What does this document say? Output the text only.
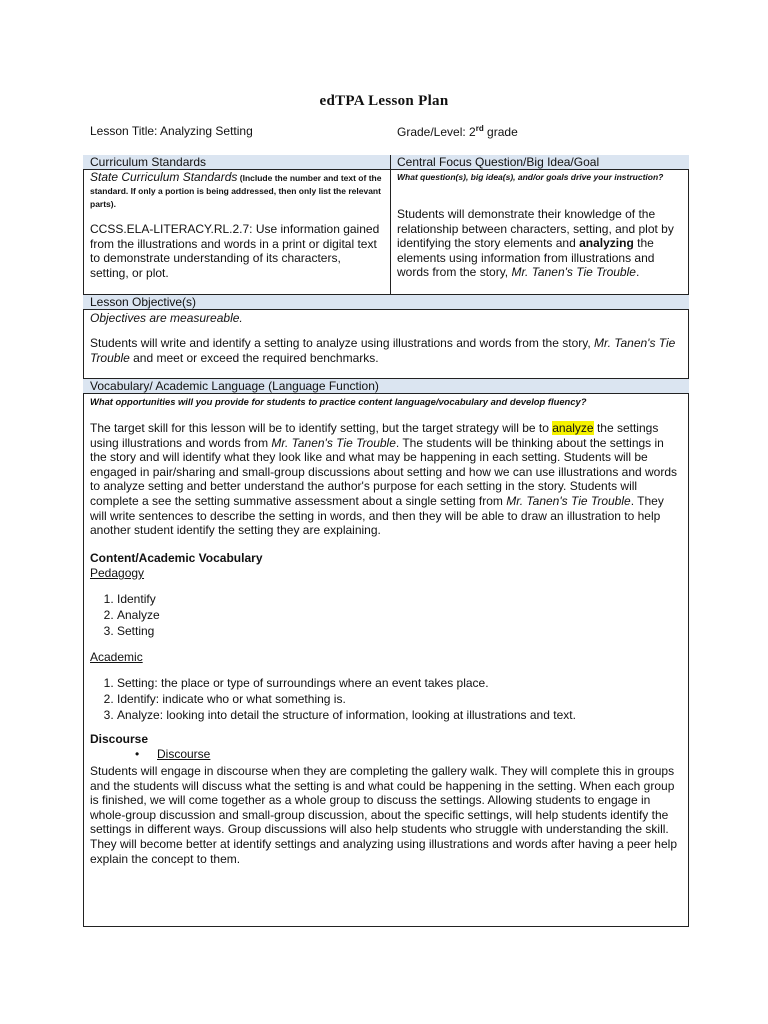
edTPA Lesson Plan
Lesson Title: Analyzing Setting	Grade/Level: 2rd grade
Curriculum Standards	Central Focus Question/Big Idea/Goal
State Curriculum Standards (Include the number and text of the standard. If only a portion is being addressed, then only list the relevant parts).
CCSS.ELA-LITERACY.RL.2.7: Use information gained from the illustrations and words in a print or digital text to demonstrate understanding of its characters, setting, or plot.
What question(s), big idea(s), and/or goals drive your instruction?
Students will demonstrate their knowledge of the relationship between characters, setting, and plot by identifying the story elements and analyzing the elements using information from illustrations and words from the story, Mr. Tanen's Tie Trouble.
Lesson Objective(s)
Objectives are measureable.
Students will write and identify a setting to analyze using illustrations and words from the story, Mr. Tanen's Tie Trouble and meet or exceed the required benchmarks.
Vocabulary/ Academic Language (Language Function)
What opportunities will you provide for students to practice content language/vocabulary and develop fluency?
The target skill for this lesson will be to identify setting, but the target strategy will be to analyze the settings using illustrations and words from Mr. Tanen's Tie Trouble. The students will be thinking about the settings in the story and will identify what they look like and what may be happening in each setting. Students will be engaged in pair/sharing and small-group discussions about setting and how we can use illustrations and words to analyze setting and better understand the author's purpose for each setting in the story. Students will complete a see the setting summative assessment about a single setting from Mr. Tanen's Tie Trouble. They will write sentences to describe the setting in words, and then they will be able to draw an illustration to help another student identify the setting they are explaining.
Content/Academic Vocabulary
Pedagogy
1. Identify
2. Analyze
3. Setting
Academic
1. Setting: the place or type of surroundings where an event takes place.
2. Identify: indicate who or what something is.
3. Analyze: looking into detail the structure of information, looking at illustrations and text.
Discourse
• Discourse
Students will engage in discourse when they are completing the gallery walk. They will complete this in groups and the students will discuss what the setting is and what could be happening in the setting. When each group is finished, we will come together as a whole group to discuss the settings. Allowing students to engage in whole-group discussion and small-group discussion, about the specific settings, will help students identify the settings in different ways. Group discussions will also help students who struggle with understanding the skill. They will become better at identify settings and analyzing using illustrations and words after having a peer help explain the concept to them.
